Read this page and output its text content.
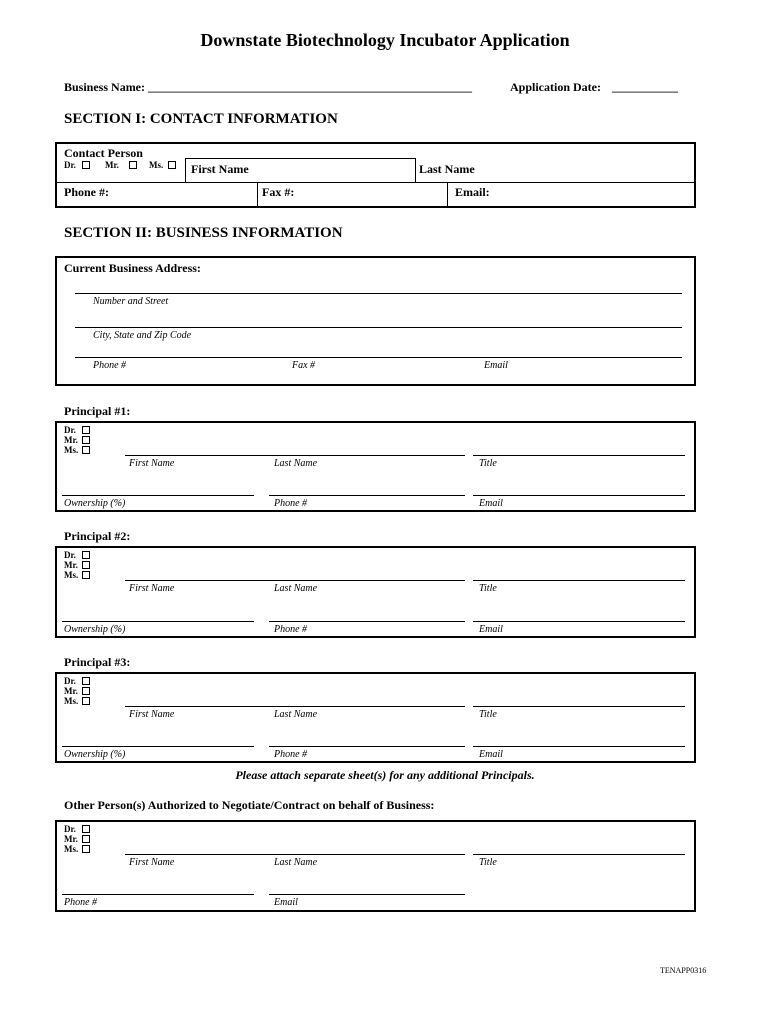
Downstate Biotechnology Incubator Application
Business Name: ______________________________________________________	Application Date: ___________
SECTION I: CONTACT INFORMATION
Contact Person
Dr.	Mr.	Ms. First Name	Last Name
Phone #:	Fax #:	Email:
SECTION II: BUSINESS INFORMATION
Current Business Address:
Number and Street
City, State and Zip Code
Phone #	Fax #	Email
Principal #1:
Dr.
Mr.
Ms.
First Name	Last Name	Title
Ownership (%)	Phone #	Email
Principal #2:
Dr.
Mr.
Ms.
First Name	Last Name	Title
Ownership (%)	Phone #	Email
Principal #3:
Dr.
Mr.
Ms.
First Name	Last Name	Title
Ownership (%)	Phone #	Email
Please attach separate sheet(s) for any additional Principals.
Other Person(s) Authorized to Negotiate/Contract on behalf of Business:
Dr.
Mr.
Ms.
First Name	Last Name	Title
Phone #	Email
TENAPP0316
